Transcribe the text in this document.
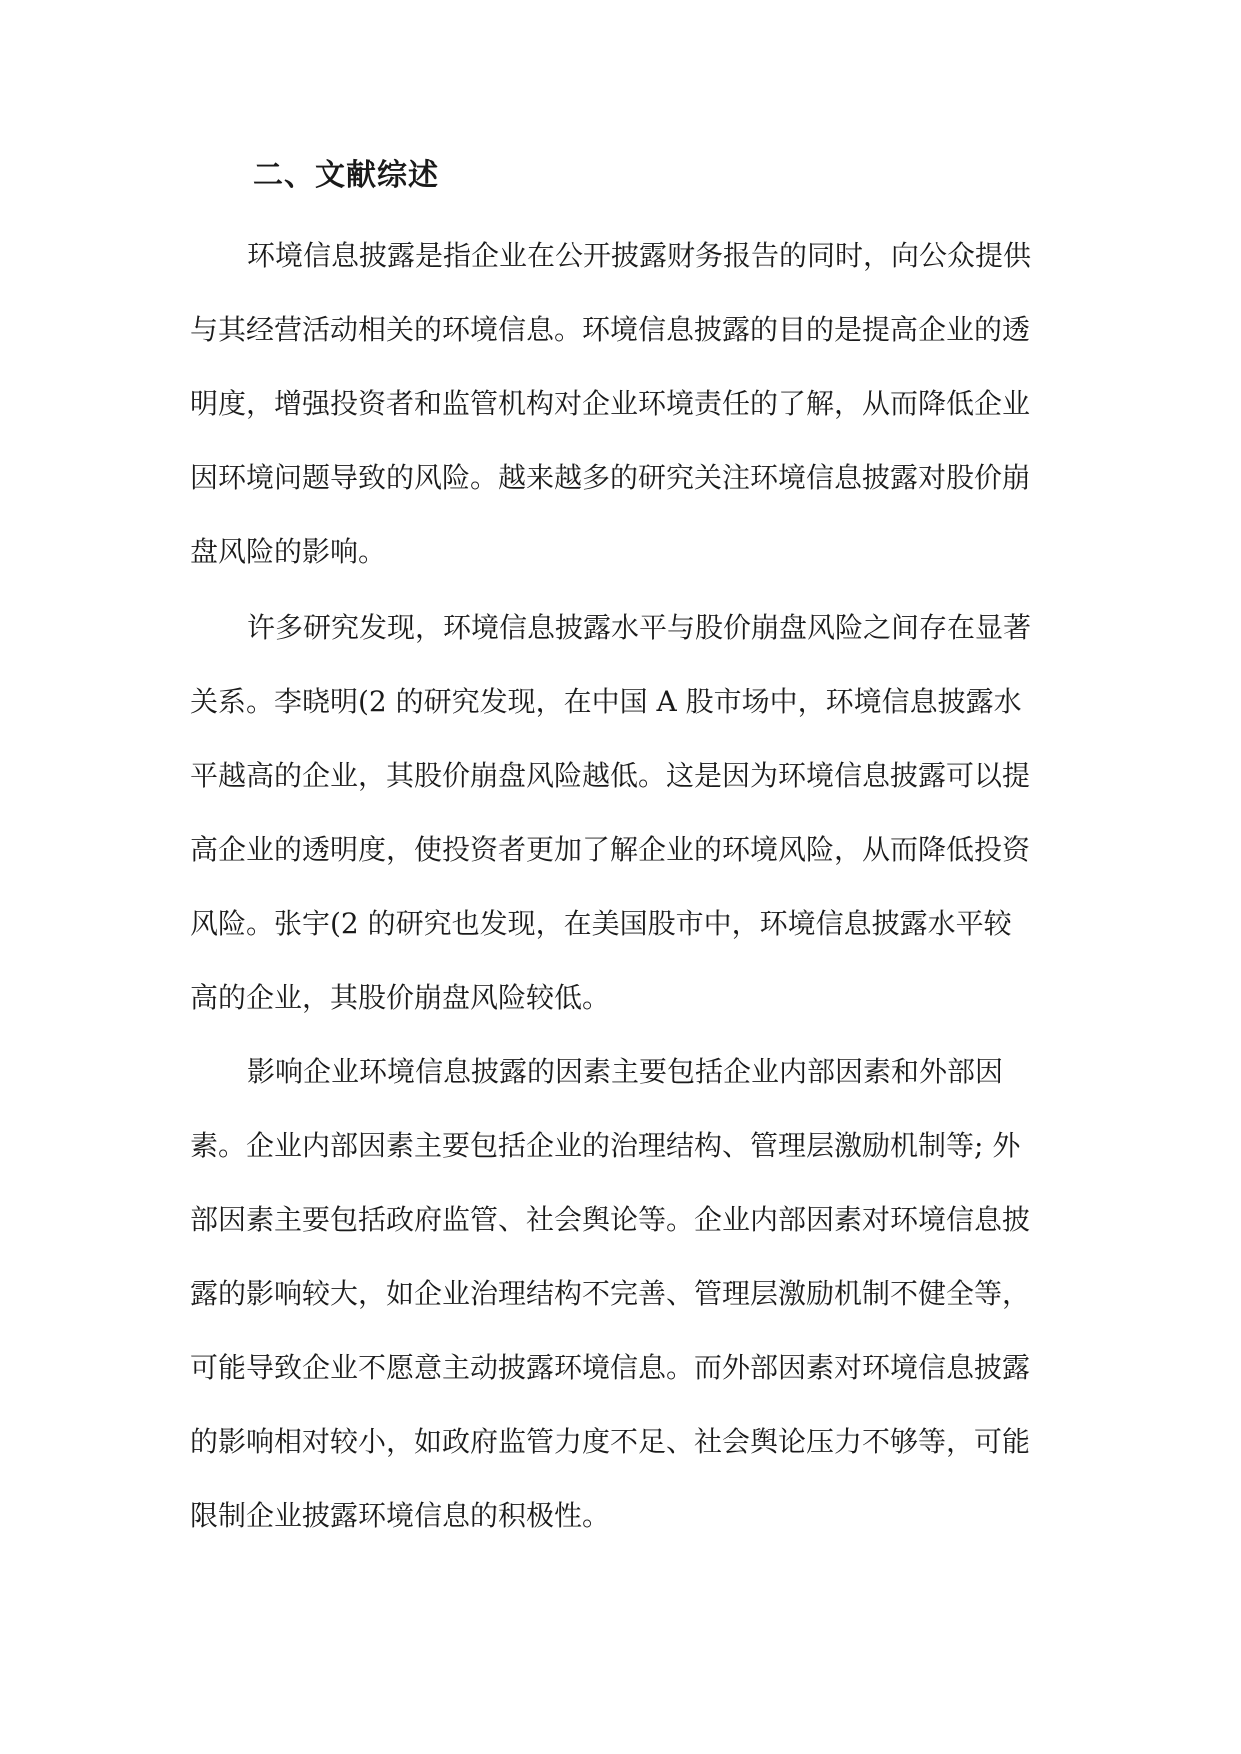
二、文献综述
环境信息披露是指企业在公开披露财务报告的同时，向公众提供
与其经营活动相关的环境信息。环境信息披露的目的是提高企业的透
明度，增强投资者和监管机构对企业环境责任的了解，从而降低企业
因环境问题导致的风险。越来越多的研究关注环境信息披露对股价崩
盘风险的影响。
许多研究发现，环境信息披露水平与股价崩盘风险之间存在显著
关系。李晓明(2 的研究发现，在中国 A 股市场中，环境信息披露水
平越高的企业，其股价崩盘风险越低。这是因为环境信息披露可以提
高企业的透明度，使投资者更加了解企业的环境风险，从而降低投资
风险。张宇(2 的研究也发现，在美国股市中，环境信息披露水平较
高的企业，其股价崩盘风险较低。
影响企业环境信息披露的因素主要包括企业内部因素和外部因
素。企业内部因素主要包括企业的治理结构、管理层激励机制等; 外
部因素主要包括政府监管、社会舆论等。企业内部因素对环境信息披
露的影响较大，如企业治理结构不完善、管理层激励机制不健全等，
可能导致企业不愿意主动披露环境信息。而外部因素对环境信息披露
的影响相对较小，如政府监管力度不足、社会舆论压力不够等，可能
限制企业披露环境信息的积极性。
